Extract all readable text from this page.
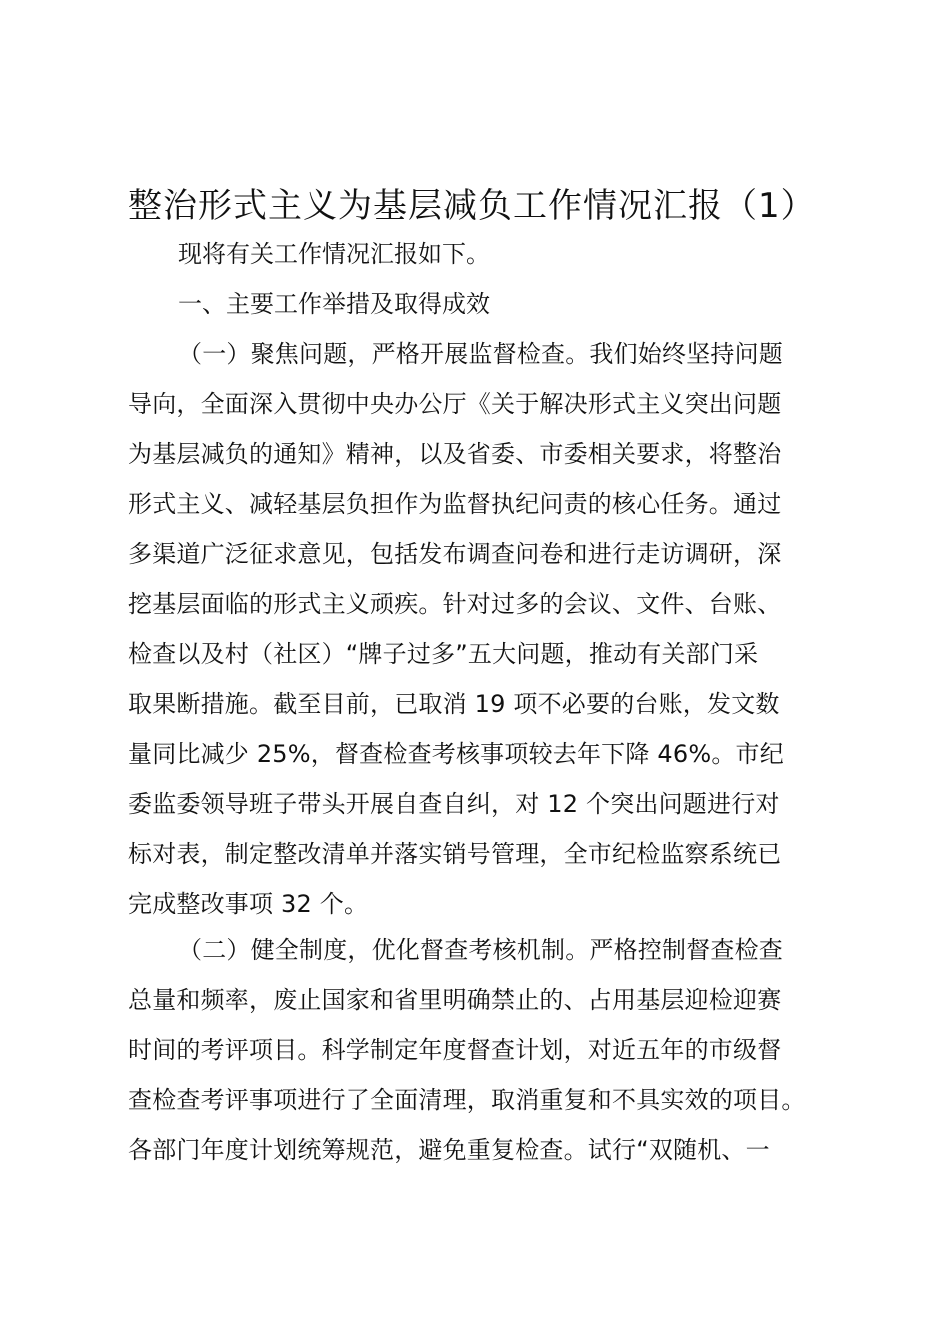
整治形式主义为基层减负工作情况汇报（1）
现将有关工作情况汇报如下。
一、主要工作举措及取得成效
（一）聚焦问题，严格开展监督检查。我们始终坚持问题
导向，全面深入贯彻中央办公厅《关于解决形式主义突出问题
为基层减负的通知》精神，以及省委、市委相关要求，将整治
形式主义、减轻基层负担作为监督执纪问责的核心任务。通过
多渠道广泛征求意见，包括发布调查问卷和进行走访调研，深
挖基层面临的形式主义顽疾。针对过多的会议、文件、台账、
检查以及村（社区）“牌子过多”五大问题，推动有关部门采
取果断措施。截至目前，已取消 19 项不必要的台账，发文数
量同比减少 25%，督查检查考核事项较去年下降 46%。市纪
委监委领导班子带头开展自查自纠，对 12 个突出问题进行对
标对表，制定整改清单并落实销号管理，全市纪检监察系统已
完成整改事项 32 个。
（二）健全制度，优化督查考核机制。严格控制督查检查
总量和频率，废止国家和省里明确禁止的、占用基层迎检迎赛
时间的考评项目。科学制定年度督查计划，对近五年的市级督
查检查考评事项进行了全面清理，取消重复和不具实效的项目。
各部门年度计划统筹规范，避免重复检查。试行“双随机、一
